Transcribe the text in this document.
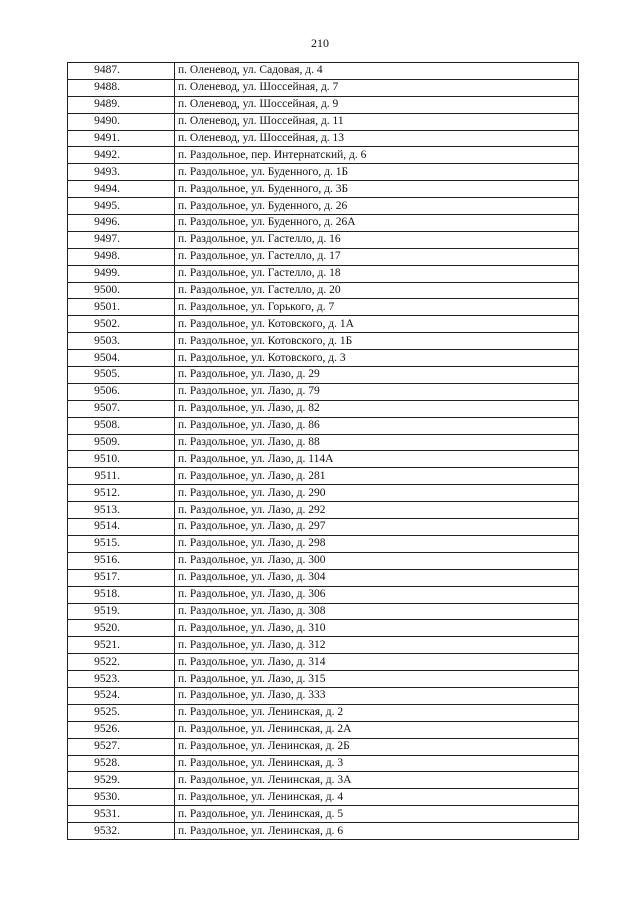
210
9487.	п. Оленевод, ул. Садовая, д. 4
9488.	п. Оленевод, ул. Шоссейная, д. 7
9489.	п. Оленевод, ул. Шоссейная, д. 9
9490.	п. Оленевод, ул. Шоссейная, д. 11
9491.	п. Оленевод, ул. Шоссейная, д. 13
9492.	п. Раздольное, пер. Интернатский, д. 6
9493.	п. Раздольное, ул. Буденного, д. 1Б
9494.	п. Раздольное, ул. Буденного, д. 3Б
9495.	п. Раздольное, ул. Буденного, д. 26
9496.	п. Раздольное, ул. Буденного, д. 26А
9497.	п. Раздольное, ул. Гастелло, д. 16
9498.	п. Раздольное, ул. Гастелло, д. 17
9499.	п. Раздольное, ул. Гастелло, д. 18
9500.	п. Раздольное, ул. Гастелло, д. 20
9501.	п. Раздольное, ул. Горького, д. 7
9502.	п. Раздольное, ул. Котовского, д. 1А
9503.	п. Раздольное, ул. Котовского, д. 1Б
9504.	п. Раздольное, ул. Котовского, д. 3
9505.	п. Раздольное, ул. Лазо, д. 29
9506.	п. Раздольное, ул. Лазо, д. 79
9507.	п. Раздольное, ул. Лазо, д. 82
9508.	п. Раздольное, ул. Лазо, д. 86
9509.	п. Раздольное, ул. Лазо, д. 88
9510.	п. Раздольное, ул. Лазо, д. 114А
9511.	п. Раздольное, ул. Лазо, д. 281
9512.	п. Раздольное, ул. Лазо, д. 290
9513.	п. Раздольное, ул. Лазо, д. 292
9514.	п. Раздольное, ул. Лазо, д. 297
9515.	п. Раздольное, ул. Лазо, д. 298
9516.	п. Раздольное, ул. Лазо, д. 300
9517.	п. Раздольное, ул. Лазо, д. 304
9518.	п. Раздольное, ул. Лазо, д. 306
9519.	п. Раздольное, ул. Лазо, д. 308
9520.	п. Раздольное, ул. Лазо, д. 310
9521.	п. Раздольное, ул. Лазо, д. 312
9522.	п. Раздольное, ул. Лазо, д. 314
9523.	п. Раздольное, ул. Лазо, д. 315
9524.	п. Раздольное, ул. Лазо, д. 333
9525.	п. Раздольное, ул. Ленинская, д. 2
9526.	п. Раздольное, ул. Ленинская, д. 2А
9527.	п. Раздольное, ул. Ленинская, д. 2Б
9528.	п. Раздольное, ул. Ленинская, д. 3
9529.	п. Раздольное, ул. Ленинская, д. 3А
9530.	п. Раздольное, ул. Ленинская, д. 4
9531.	п. Раздольное, ул. Ленинская, д. 5
9532.	п. Раздольное, ул. Ленинская, д. 6
